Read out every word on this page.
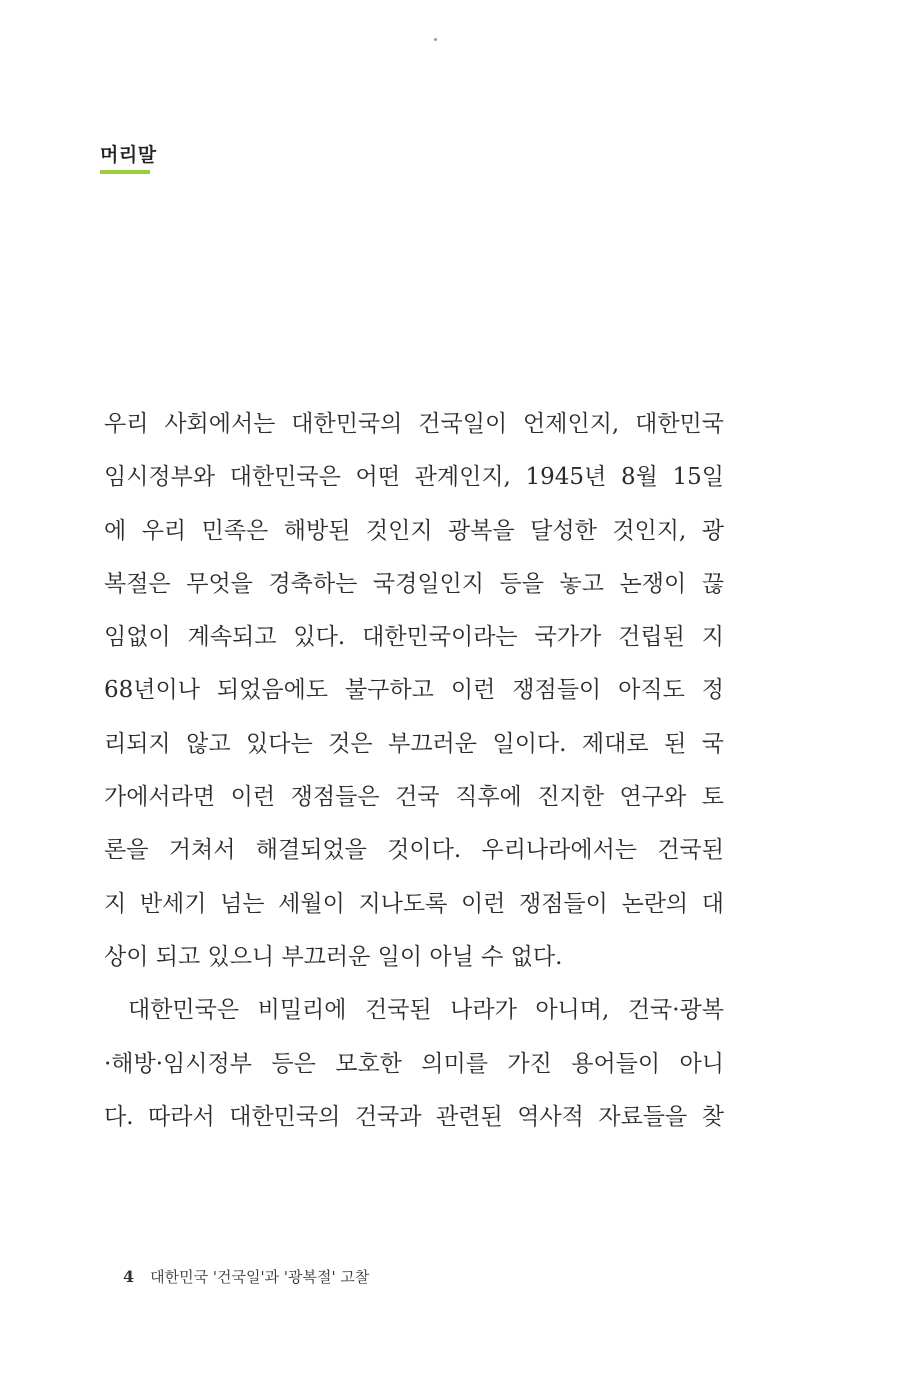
머리말
우리 사회에서는 대한민국의 건국일이 언제인지, 대한민국
임시정부와 대한민국은 어떤 관계인지, 1945년 8월 15일
에 우리 민족은 해방된 것인지 광복을 달성한 것인지, 광
복절은 무엇을 경축하는 국경일인지 등을 놓고 논쟁이 끊
임없이 계속되고 있다. 대한민국이라는 국가가 건립된 지
68년이나 되었음에도 불구하고 이런 쟁점들이 아직도 정
리되지 않고 있다는 것은 부끄러운 일이다. 제대로 된 국
가에서라면 이런 쟁점들은 건국 직후에 진지한 연구와 토
론을 거쳐서 해결되었을 것이다. 우리나라에서는 건국된
지 반세기 넘는 세월이 지나도록 이런 쟁점들이 논란의 대
상이 되고 있으니 부끄러운 일이 아닐 수 없다.
대한민국은 비밀리에 건국된 나라가 아니며, 건국·광복
·해방·임시정부 등은 모호한 의미를 가진 용어들이 아니
다. 따라서 대한민국의 건국과 관련된 역사적 자료들을 찾
4 대한민국 '건국일'과 '광복절' 고찰
